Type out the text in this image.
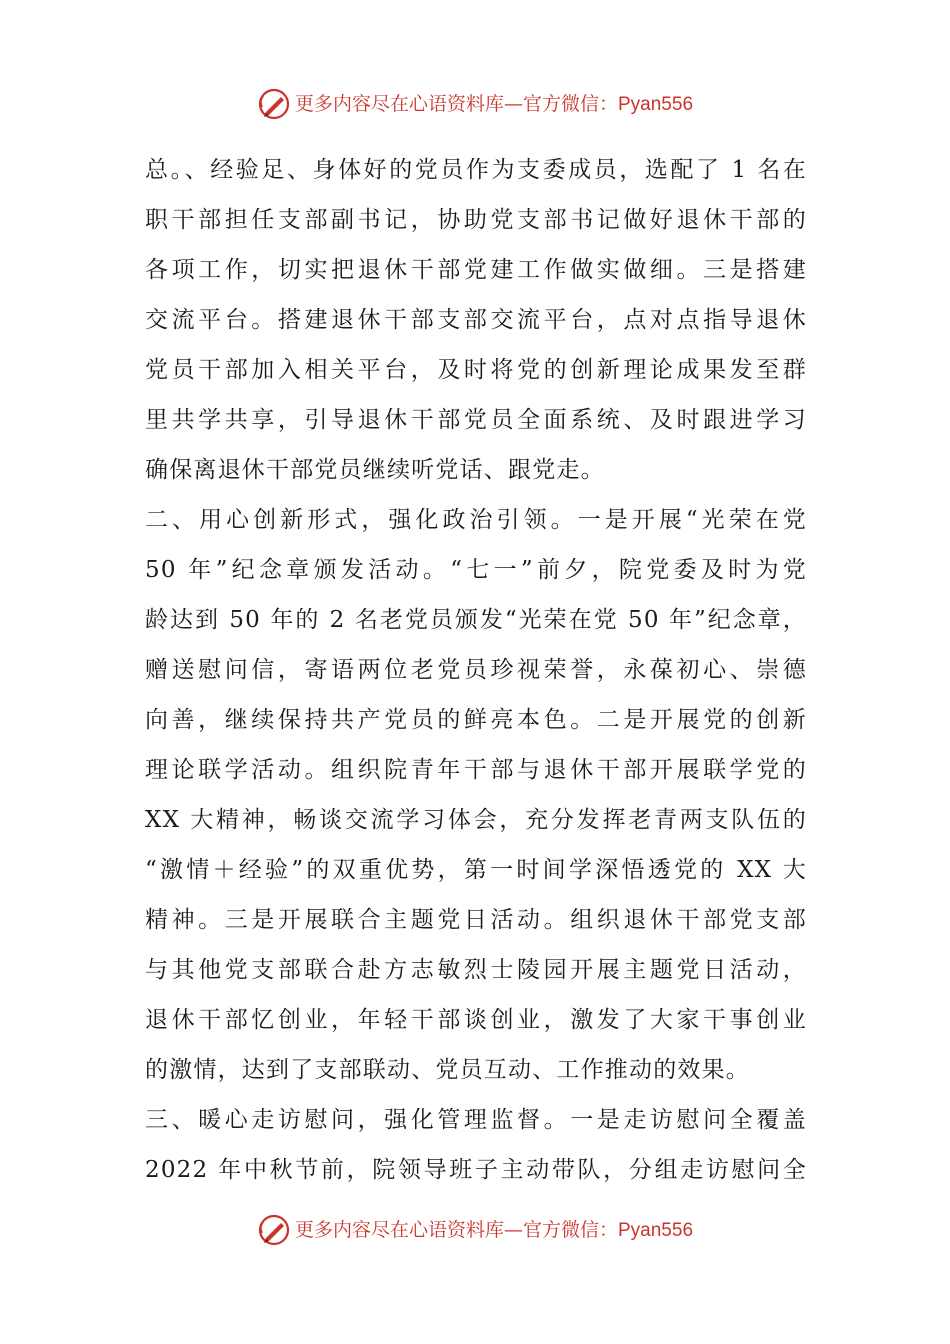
更多内容尽在心语资料库—官方微信：Pyan556
总。、经验足、身体好的党员作为支委成员，选配了 1 名在
职干部担任支部副书记，协助党支部书记做好退休干部的
各项工作，切实把退休干部党建工作做实做细。三是搭建
交流平台。搭建退休干部支部交流平台，点对点指导退休
党员干部加入相关平台，及时将党的创新理论成果发至群
里共学共享，引导退休干部党员全面系统、及时跟进学习
确保离退休干部党员继续听党话、跟党走。
二、用心创新形式，强化政治引领。一是开展“光荣在党
50 年”纪念章颁发活动。“七一”前夕，院党委及时为党
龄达到 50 年的 2 名老党员颁发“光荣在党 50 年”纪念章，
赠送慰问信，寄语两位老党员珍视荣誉，永葆初心、崇德
向善，继续保持共产党员的鲜亮本色。二是开展党的创新
理论联学活动。组织院青年干部与退休干部开展联学党的
XX 大精神，畅谈交流学习体会，充分发挥老青两支队伍的
“激情＋经验”的双重优势，第一时间学深悟透党的 XX 大
精神。三是开展联合主题党日活动。组织退休干部党支部
与其他党支部联合赴方志敏烈士陵园开展主题党日活动，
退休干部忆创业，年轻干部谈创业，激发了大家干事创业
的激情，达到了支部联动、党员互动、工作推动的效果。
三、暖心走访慰问，强化管理监督。一是走访慰问全覆盖
2022 年中秋节前，院领导班子主动带队，分组走访慰问全
更多内容尽在心语资料库—官方微信：Pyan556
